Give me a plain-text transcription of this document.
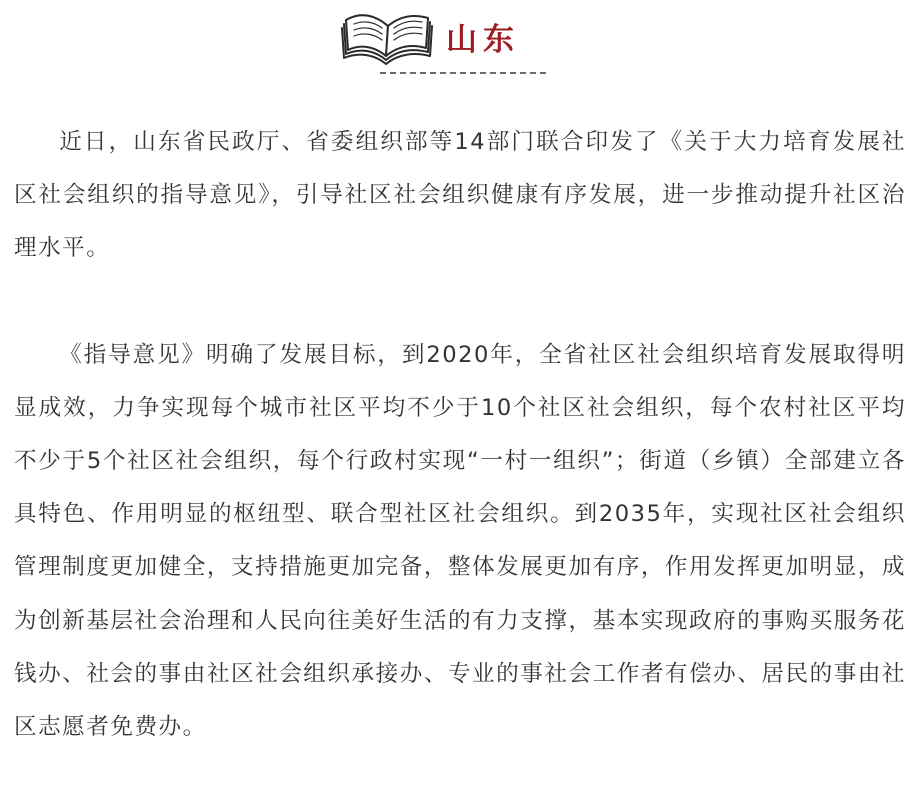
山东

近日，山东省民政厅、省委组织部等14部门联合印发了《关于大力培育发展社区社会组织的指导意见》，引导社区社会组织健康有序发展，进一步推动提升社区治理水平。

《指导意见》明确了发展目标，到2020年，全省社区社会组织培育发展取得明显成效，力争实现每个城市社区平均不少于10个社区社会组织，每个农村社区平均不少于5个社区社会组织，每个行政村实现“一村一组织”；街道（乡镇）全部建立各具特色、作用明显的枢纽型、联合型社区社会组织。到2035年，实现社区社会组织管理制度更加健全，支持措施更加完备，整体发展更加有序，作用发挥更加明显，成为创新基层社会治理和人民向往美好生活的有力支撑，基本实现政府的事购买服务花钱办、社会的事由社区社会组织承接办、专业的事社会工作者有偿办、居民的事由社区志愿者免费办。
